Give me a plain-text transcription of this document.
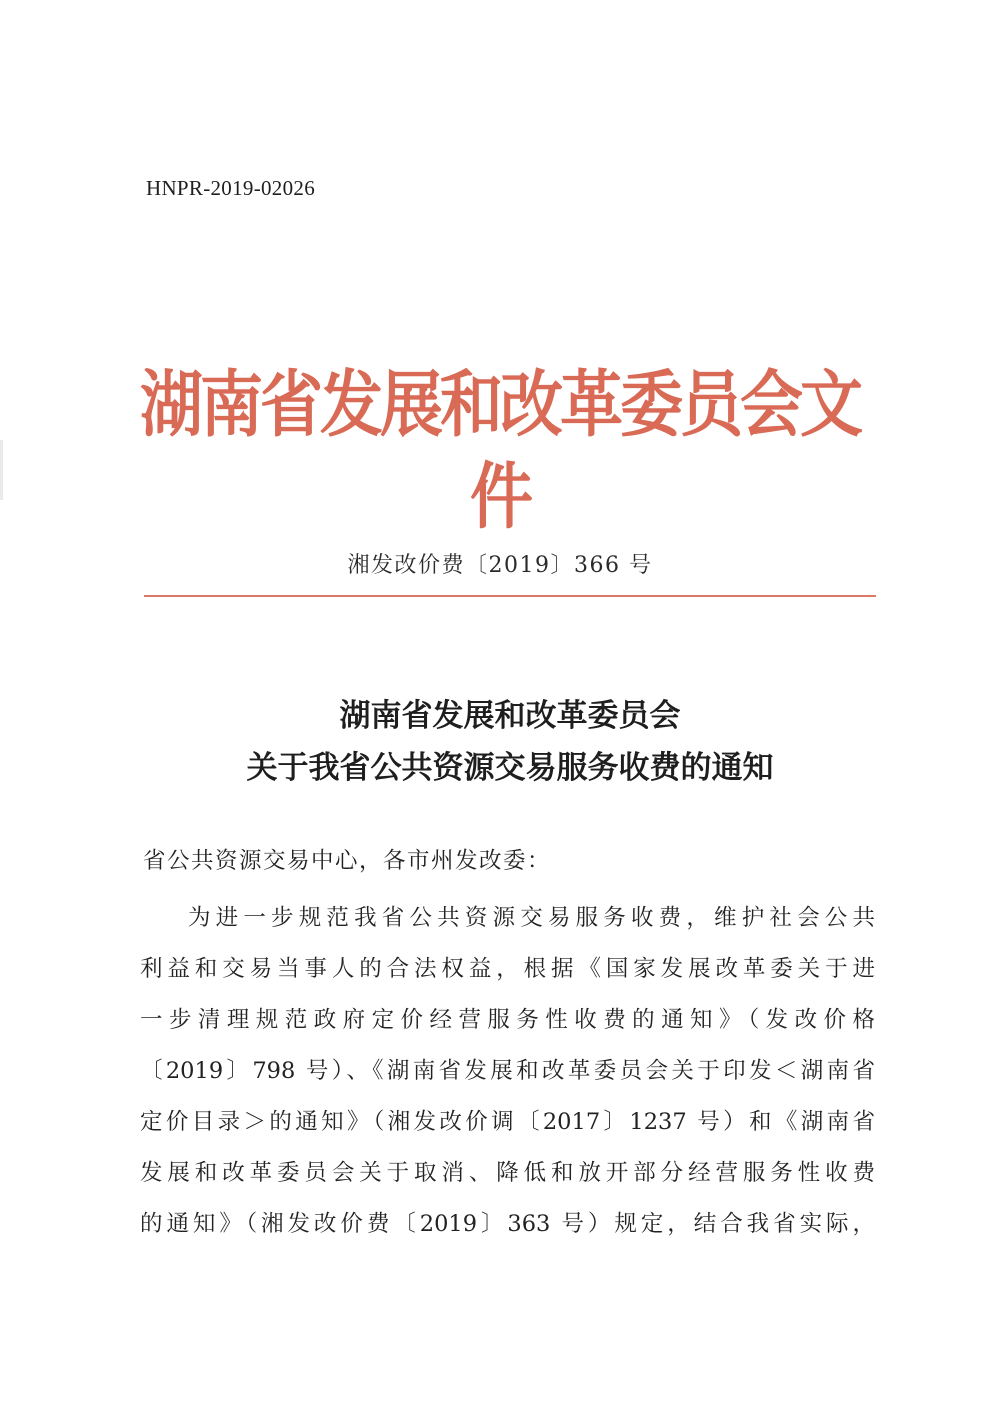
HNPR-2019-02026
湖南省发展和改革委员会文件
湘发改价费〔2019〕366 号
湖南省发展和改革委员会
关于我省公共资源交易服务收费的通知
省公共资源交易中心，各市州发改委：
为进一步规范我省公共资源交易服务收费，维护社会公共
利益和交易当事人的合法权益，根据《国家发展改革委关于进
一步清理规范政府定价经营服务性收费的通知》（发改价格
〔2019〕798 号）、《湖南省发展和改革委员会关于印发＜湖南省
定价目录＞的通知》（湘发改价调〔2017〕1237 号）和《湖南省
发展和改革委员会关于取消、降低和放开部分经营服务性收费
的通知》（湘发改价费〔2019〕363 号）规定，结合我省实际，
